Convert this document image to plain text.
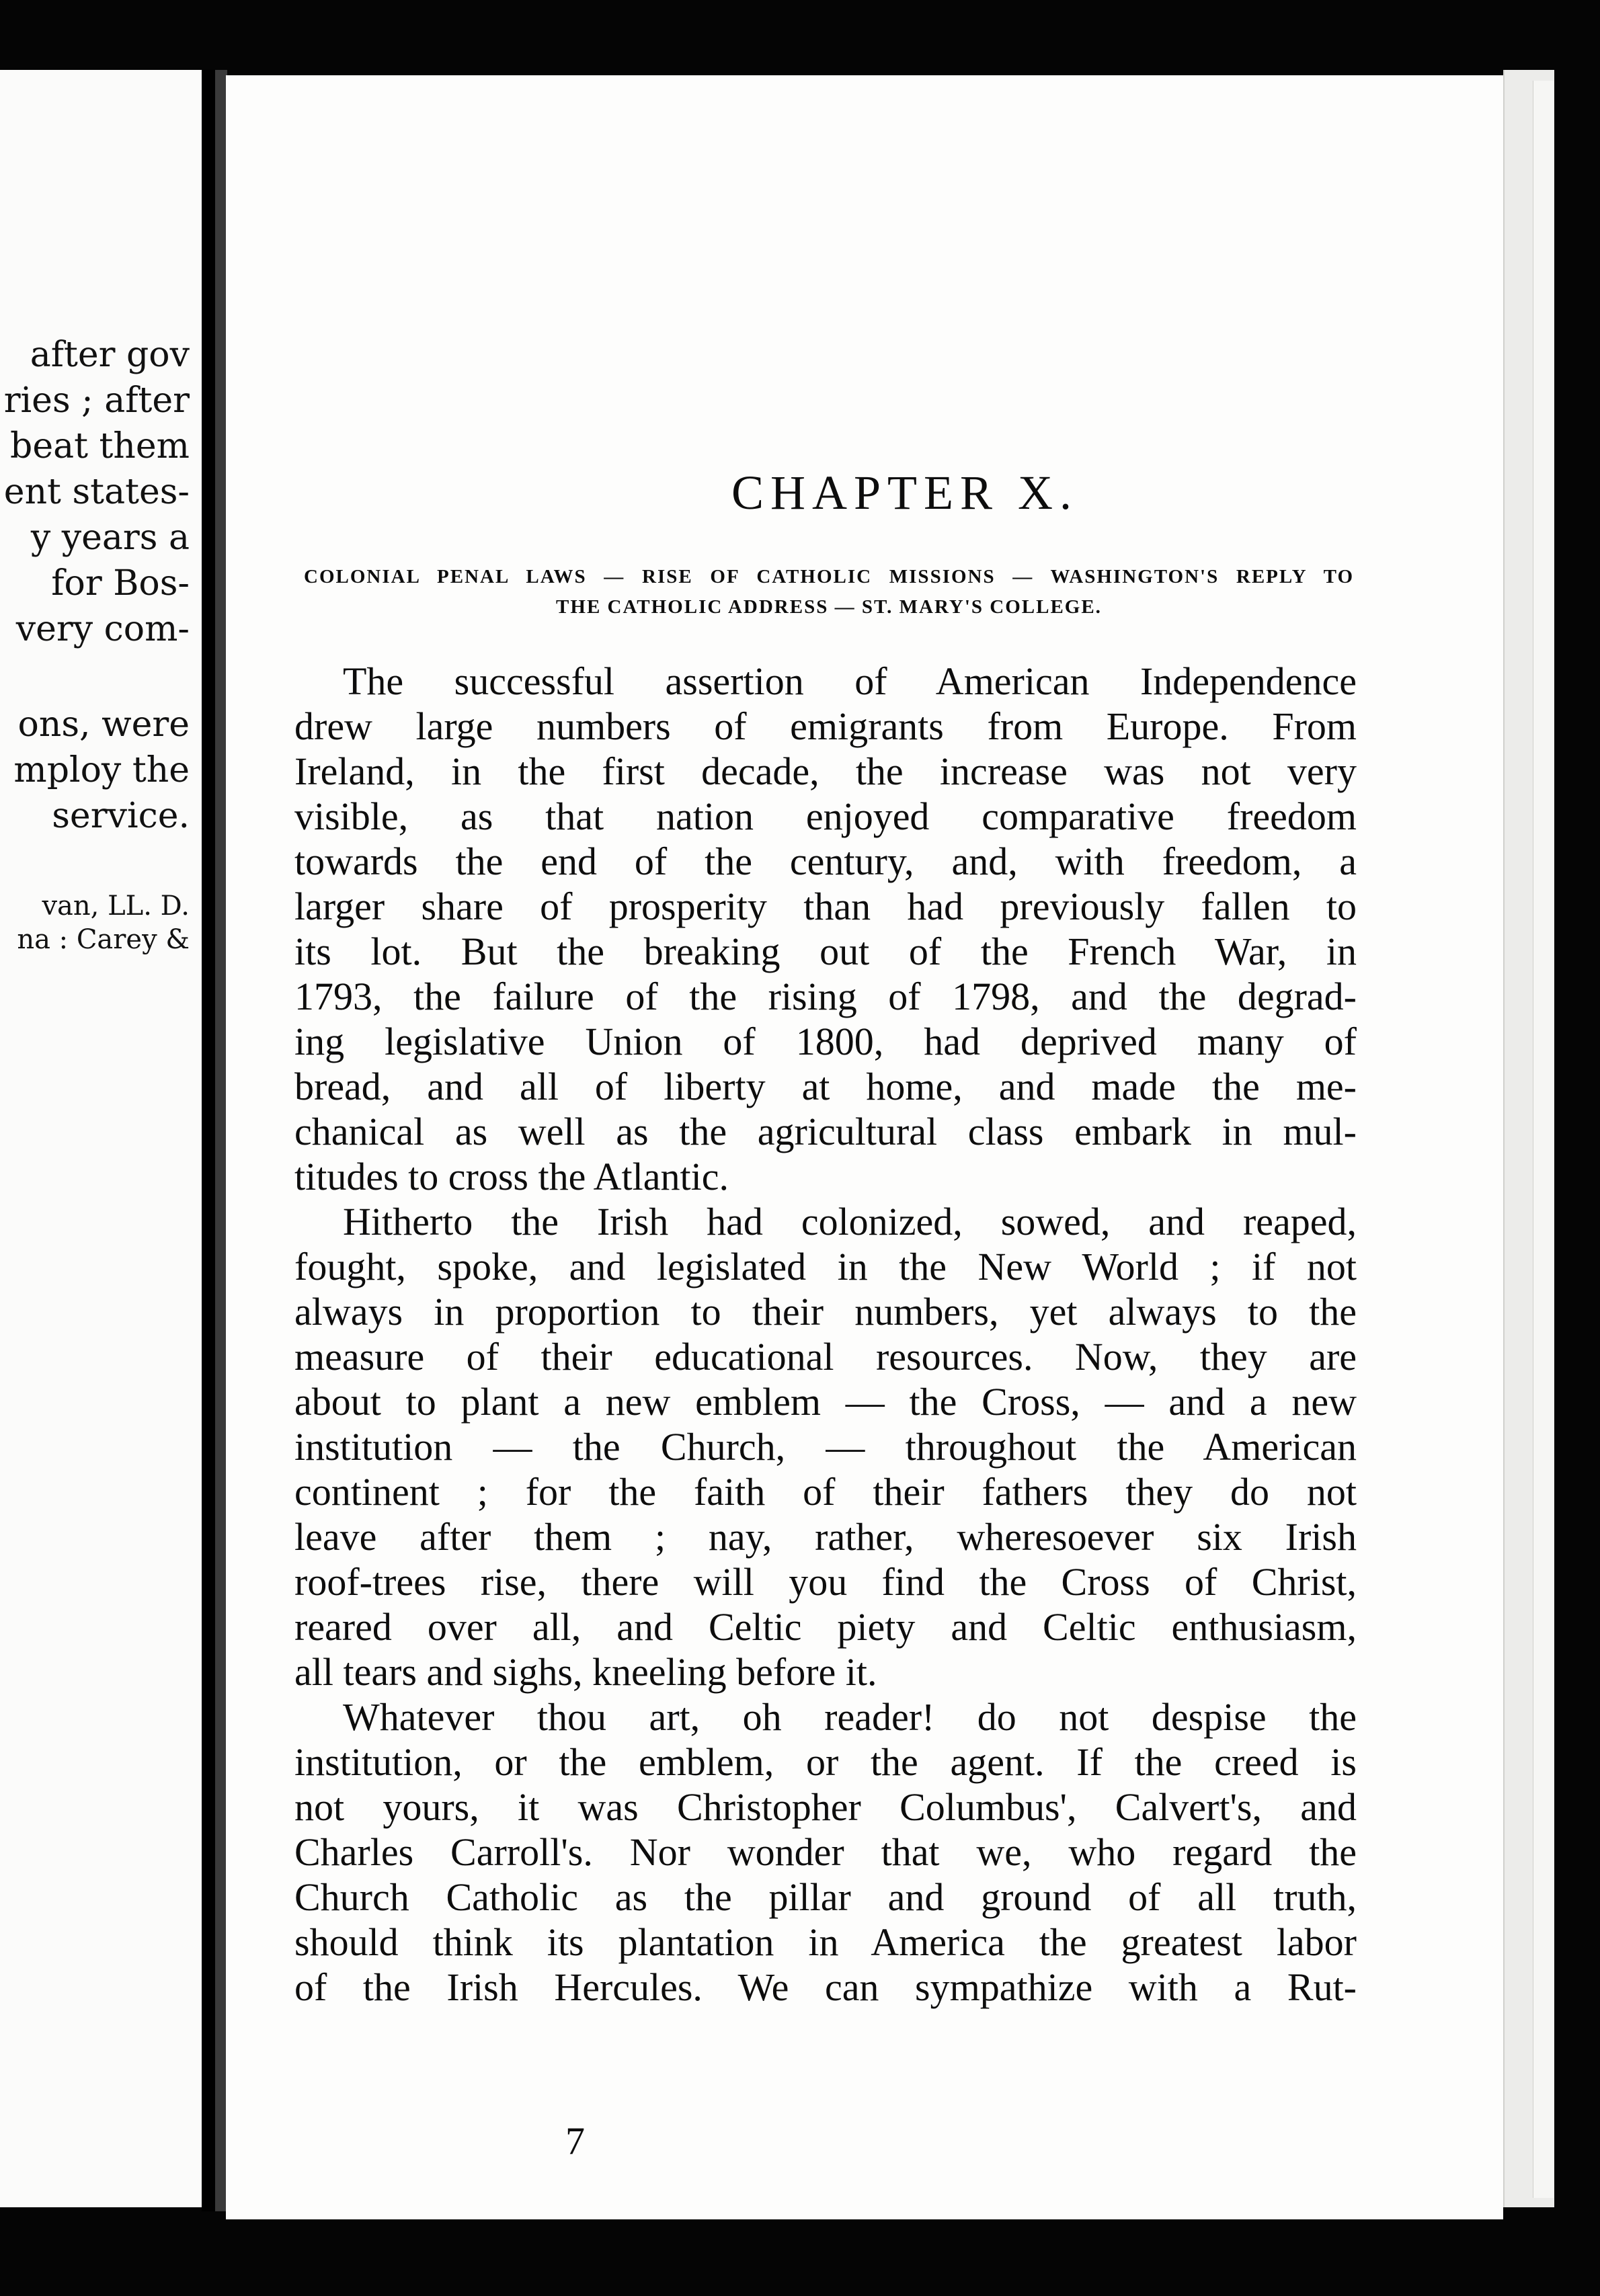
after gov
ries ; after
beat them
ent states-
y years a
for Bos-
very com-
ons, were
mploy the
service.
van, LL. D.
na : Carey &
CHAPTER X.
COLONIAL PENAL LAWS — RISE OF CATHOLIC MISSIONS — WASHINGTON'S REPLY TO
THE CATHOLIC ADDRESS — ST. MARY'S COLLEGE.
The successful assertion of American Independence
drew large numbers of emigrants from Europe. From
Ireland, in the first decade, the increase was not very
visible, as that nation enjoyed comparative freedom
towards the end of the century, and, with freedom, a
larger share of prosperity than had previously fallen to
its lot. But the breaking out of the French War, in
1793, the failure of the rising of 1798, and the degrad-
ing legislative Union of 1800, had deprived many of
bread, and all of liberty at home, and made the me-
chanical as well as the agricultural class embark in mul-
titudes to cross the Atlantic.
Hitherto the Irish had colonized, sowed, and reaped,
fought, spoke, and legislated in the New World ; if not
always in proportion to their numbers, yet always to the
measure of their educational resources. Now, they are
about to plant a new emblem — the Cross, — and a new
institution — the Church, — throughout the American
continent ; for the faith of their fathers they do not
leave after them ; nay, rather, wheresoever six Irish
roof-trees rise, there will you find the Cross of Christ,
reared over all, and Celtic piety and Celtic enthusiasm,
all tears and sighs, kneeling before it.
Whatever thou art, oh reader! do not despise the
institution, or the emblem, or the agent. If the creed is
not yours, it was Christopher Columbus', Calvert's, and
Charles Carroll's. Nor wonder that we, who regard the
Church Catholic as the pillar and ground of all truth,
should think its plantation in America the greatest labor
of the Irish Hercules. We can sympathize with a Rut-
7
